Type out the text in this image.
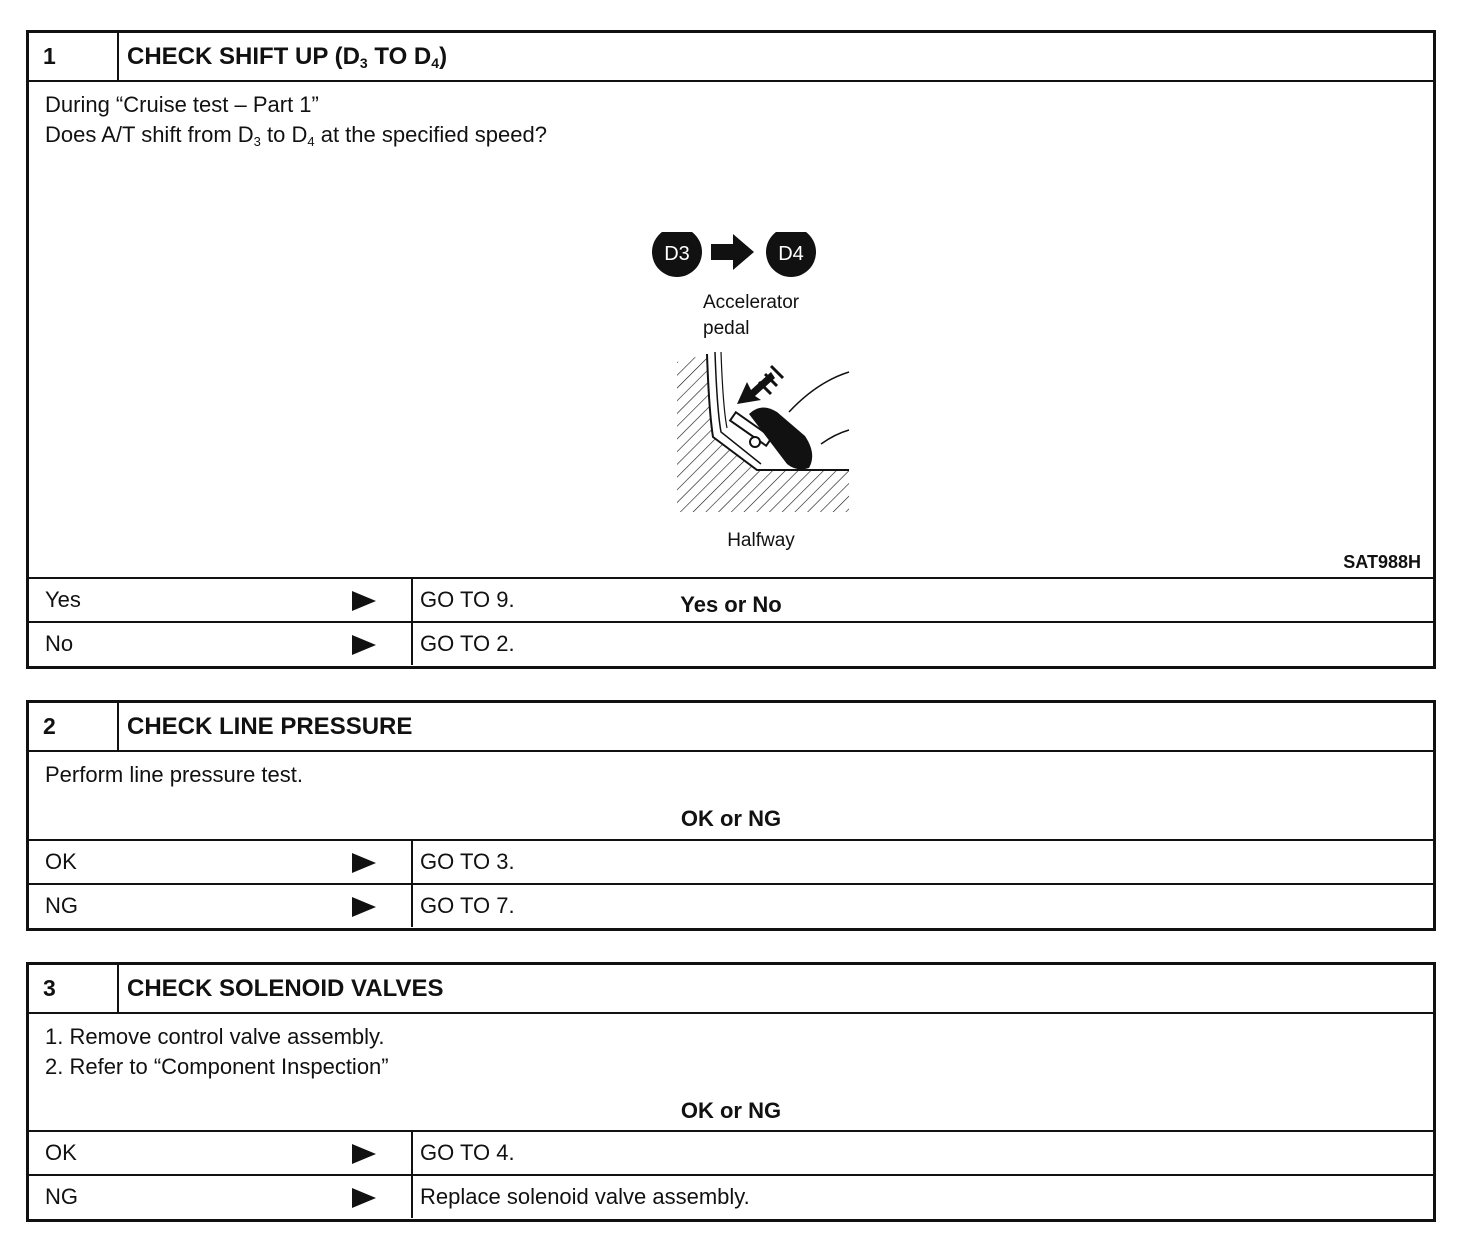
1	CHECK SHIFT UP ($D_3$ TO $D_4$)
During “Cruise test – Part 1”
Does A/T shift from $D_3$ to $D_4$ at the specified speed?
D3	D4
Accelerator
pedal
Halfway
SAT988H
Yes or No
Yes	GO TO 9.
No	GO TO 2.
2	CHECK LINE PRESSURE
Perform line pressure test.
OK or NG
OK	GO TO 3.
NG	GO TO 7.
3	CHECK SOLENOID VALVES
1. Remove control valve assembly.
2. Refer to “Component Inspection”
OK or NG
OK	GO TO 4.
NG	Replace solenoid valve assembly.
